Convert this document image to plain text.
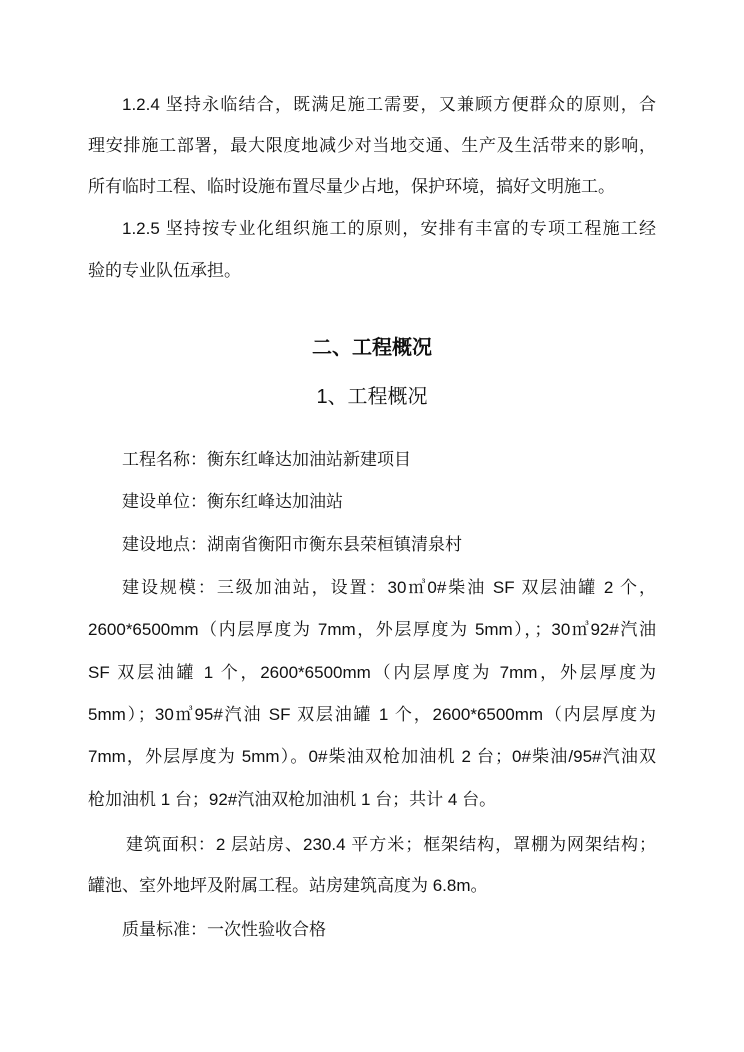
1.2.4 坚持永临结合，既满足施工需要，又兼顾方便群众的原则，合
理安排施工部署，最大限度地减少对当地交通、生产及生活带来的影响，
所有临时工程、临时设施布置尽量少占地，保护环境，搞好文明施工。
1.2.5 坚持按专业化组织施工的原则，安排有丰富的专项工程施工经
验的专业队伍承担。
二、工程概况
1、工程概况
工程名称：衡东红峰达加油站新建项目
建设单位：衡东红峰达加油站
建设地点：湖南省衡阳市衡东县荣桓镇清泉村
建设规模：三级加油站，设置：30㎥0#柴油 SF 双层油罐 2 个，
2600*6500mm（内层厚度为 7mm，外层厚度为 5mm），；30㎥92#汽油
SF 双层油罐 1 个，2600*6500mm（内层厚度为 7mm，外层厚度为
5mm）；30㎥95#汽油 SF 双层油罐 1 个，2600*6500mm（内层厚度为
7mm，外层厚度为 5mm）。0#柴油双枪加油机 2 台；0#柴油/95#汽油双
枪加油机 1 台；92#汽油双枪加油机 1 台；共计 4 台。
建筑面积：2 层站房、230.4 平方米；框架结构，罩棚为网架结构；
罐池、室外地坪及附属工程。站房建筑高度为 6.8m。
质量标准：一次性验收合格
